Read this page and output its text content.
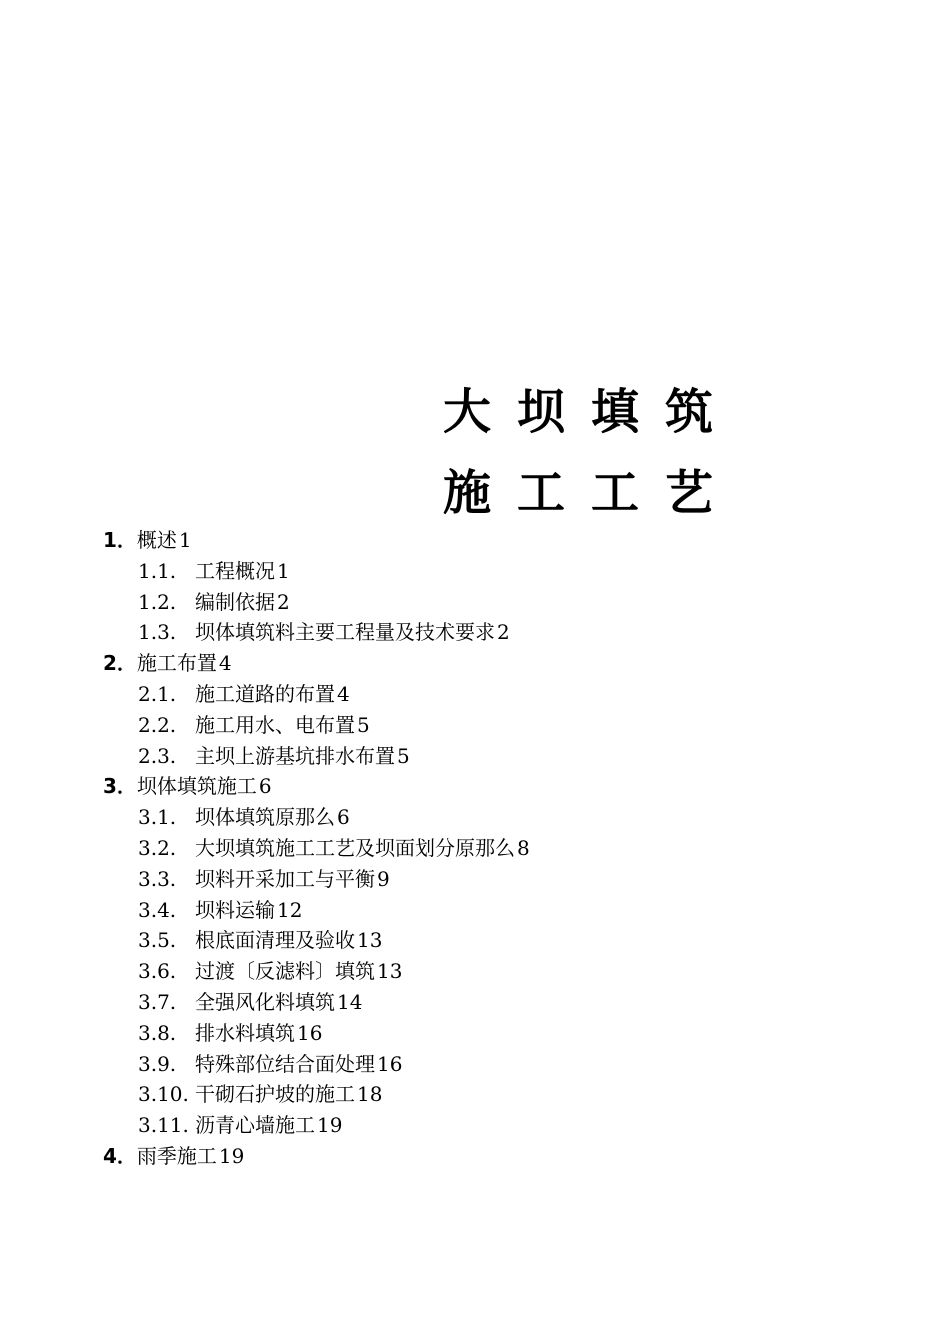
大坝填筑
施工工艺
1．概述  1
1.1. 工程概况  1
1.2. 编制依据  2
1.3. 坝体填筑料主要工程量及技术要求  2
2．施工布置  4
2.1. 施工道路的布置  4
2.2. 施工用水、电布置  5
2.3. 主坝上游基坑排水布置  5
3．坝体填筑施工  6
3.1. 坝体填筑原那么  6
3.2. 大坝填筑施工工艺及坝面划分原那么  8
3.3. 坝料开采加工与平衡  9
3.4. 坝料运输  12
3.5. 根底面清理及验收  13
3.6. 过渡〔反滤料〕填筑  13
3.7. 全强风化料填筑  14
3.8. 排水料填筑  16
3.9. 特殊部位结合面处理  16
3.10. 干砌石护坡的施工  18
3.11. 沥青心墙施工  19
4．雨季施工  19
